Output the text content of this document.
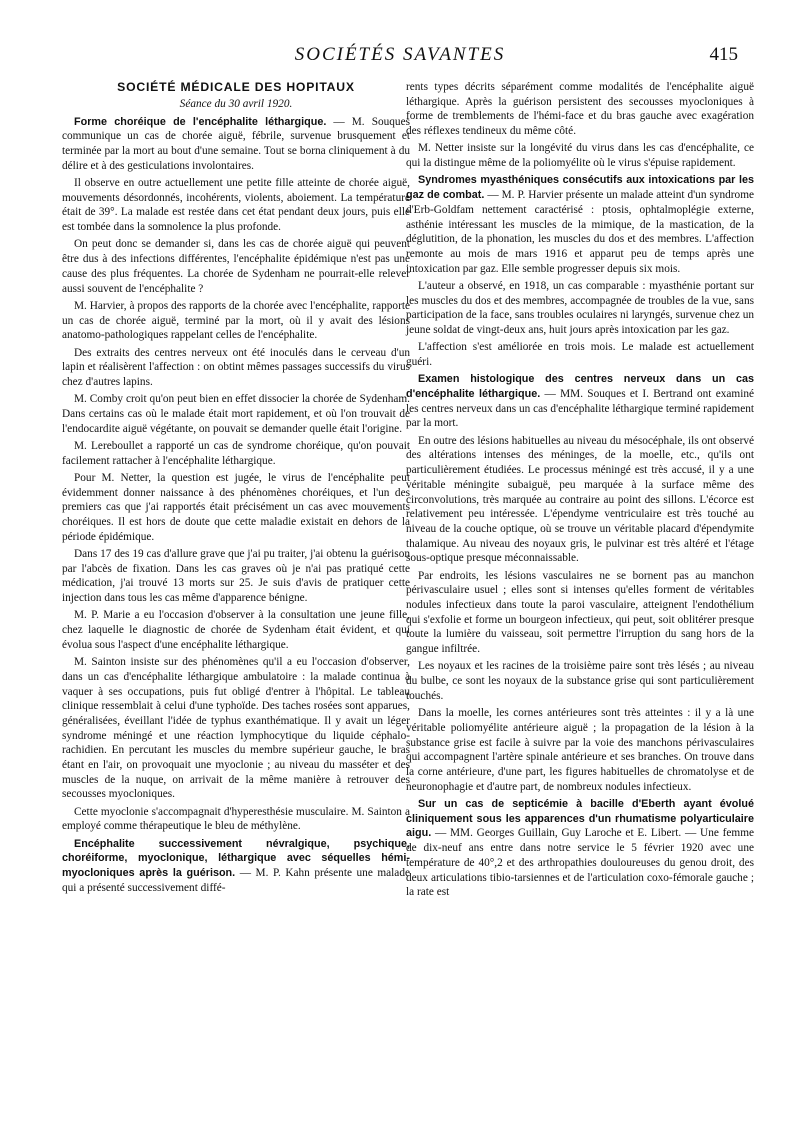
SOCIÉTÉS SAVANTES	415

SOCIÉTÉ MÉDICALE DES HOPITAUX

Séance du 30 avril 1920.

Forme choréique de l'encéphalite léthargique. — M. Souques communique un cas de chorée aiguë, fébrile, survenue brusquement et terminée par la mort au bout d'une semaine. Tout se borna cliniquement à du délire et à des gesticulations involontaires.

Il observe en outre actuellement une petite fille atteinte de chorée aiguë, mouvements désordonnés, incohérents, violents, aboiement. La température était de 39°. La malade est restée dans cet état pendant deux jours, puis elle est tombée dans la somnolence la plus profonde.

On peut donc se demander si, dans les cas de chorée aiguë qui peuvent être dus à des infections différentes, l'encéphalite épidémique n'est pas une cause des plus fréquentes. La chorée de Sydenham ne pourrait-elle relever aussi souvent de l'encéphalite ?

M. Harvier, à propos des rapports de la chorée avec l'encéphalite, rapporte un cas de chorée aiguë, terminé par la mort, où il y avait des lésions anatomo-pathologiques rappelant celles de l'encéphalite.

Des extraits des centres nerveux ont été inoculés dans le cerveau d'un lapin et réalisèrent l'affection : on obtint mêmes passages successifs du virus chez d'autres lapins.

M. Comby croit qu'on peut bien en effet dissocier la chorée de Sydenham. Dans certains cas où le malade était mort rapidement, et où l'on trouvait de l'endocardite aiguë végétante, on pouvait se demander quelle était l'origine.

M. Lereboullet a rapporté un cas de syndrome choréique, qu'on pouvait facilement rattacher à l'encéphalite léthargique.

Pour M. Netter, la question est jugée, le virus de l'encéphalite peut évidemment donner naissance à des phénomènes choréiques, et l'un des premiers cas que j'ai rapportés était précisément un cas avec mouvements choréiques. Il est hors de doute que cette maladie existait en dehors de la période épidémique.

Dans 17 des 19 cas d'allure grave que j'ai pu traiter, j'ai obtenu la guérison par l'abcès de fixation. Dans les cas graves où je n'ai pas pratiqué cette médication, j'ai trouvé 13 morts sur 25. Je suis d'avis de pratiquer cette injection dans tous les cas même d'apparence bénigne.

M. P. Marie a eu l'occasion d'observer à la consultation une jeune fille, chez laquelle le diagnostic de chorée de Sydenham était évident, et qui évolua sous l'aspect d'une encéphalite léthargique.

M. Sainton insiste sur des phénomènes qu'il a eu l'occasion d'observer, dans un cas d'encéphalite léthargique ambulatoire : la malade continua à vaquer à ses occupations, puis fut obligé d'entrer à l'hôpital. Le tableau clinique ressemblait à celui d'une typhoïde. Des taches rosées sont apparues, généralisées, éveillant l'idée de typhus exanthématique. Il y avait un léger syndrome méningé et une réaction lymphocytique du liquide céphalo-rachidien. En percutant les muscles du membre supérieur gauche, le bras étant en l'air, on provoquait une myoclonie ; au niveau du masséter et des muscles de la nuque, on arrivait de la même manière à retrouver des secousses myocloniques.

Cette myoclonie s'accompagnait d'hyperesthésie musculaire. M. Sainton a employé comme thérapeutique le bleu de méthylène.

Encéphalite successivement névralgique, psychique, choréiforme, myoclonique, léthargique avec séquelles hémi-myocloniques après la guérison. — M. P. Kahn présente une malade qui a présenté successivement diffé-

rents types décrits séparément comme modalités de l'encéphalite aiguë léthargique. Après la guérison persistent des secousses myocloniques à forme de tremblements de l'hémi-face et du bras gauche avec exagération des réflexes tendineux du même côté.

M. Netter insiste sur la longévité du virus dans les cas d'encéphalite, ce qui la distingue même de la poliomyélite où le virus s'épuise rapidement.

Syndromes myasthéniques consécutifs aux intoxications par les gaz de combat. — M. P. Harvier présente un malade atteint d'un syndrome d'Erb-Goldfam nettement caractérisé : ptosis, ophtalmoplégie externe, asthénie intéressant les muscles de la mimique, de la mastication, de la déglutition, de la phonation, les muscles du dos et des membres. L'affection remonte au mois de mars 1916 et apparut peu de temps après une intoxication par gaz. Elle semble progresser depuis six mois.

L'auteur a observé, en 1918, un cas comparable : myasthénie portant sur les muscles du dos et des membres, accompagnée de troubles de la vue, sans participation de la face, sans troubles oculaires ni laryngés, survenue chez un jeune soldat de vingt-deux ans, huit jours après intoxication par les gaz.

L'affection s'est améliorée en trois mois. Le malade est actuellement guéri.

Examen histologique des centres nerveux dans un cas d'encéphalite léthargique. — MM. Souques et I. Bertrand ont examiné les centres nerveux dans un cas d'encéphalite léthargique terminé rapidement par la mort.

En outre des lésions habituelles au niveau du mésocéphale, ils ont observé des altérations intenses des méninges, de la moelle, etc., qu'ils ont particulièrement étudiées. Le processus méningé est très accusé, il y a une véritable méningite subaiguë, peu marquée à la surface même des circonvolutions, très marquée au contraire au point des sillons. L'écorce est relativement peu intéressée. L'épendyme ventriculaire est très touché au niveau de la couche optique, où se trouve un véritable placard d'épendymite thalamique. Au niveau des noyaux gris, le pulvinar est très altéré et l'étage sous-optique presque méconnaissable.

Par endroits, les lésions vasculaires ne se bornent pas au manchon périvasculaire usuel ; elles sont si intenses qu'elles forment de véritables nodules infectieux dans toute la paroi vasculaire, atteignent l'endothélium qui s'exfolie et forme un bourgeon infectieux, qui peut, soit oblitérer presque toute la lumière du vaisseau, soit permettre l'irruption du sang hors de la gangue infiltrée.

Les noyaux et les racines de la troisième paire sont très lésés ; au niveau du bulbe, ce sont les noyaux de la substance grise qui sont particulièrement touchés.

Dans la moelle, les cornes antérieures sont très atteintes : il y a là une véritable poliomyélite antérieure aiguë ; la propagation de la lésion à la substance grise est facile à suivre par la voie des manchons périvasculaires qui accompagnent l'artère spinale antérieure et ses branches. On trouve dans la corne antérieure, d'une part, les figures habituelles de chromatolyse et de neuronophagie et d'autre part, de nombreux nodules infectieux.

Sur un cas de septicémie à bacille d'Eberth ayant évolué cliniquement sous les apparences d'un rhumatisme polyarticulaire aigu. — MM. Georges Guillain, Guy Laroche et E. Libert. — Une femme de dix-neuf ans entre dans notre service le 5 février 1920 avec une température de 40°,2 et des arthropathies douloureuses du genou droit, des deux articulations tibio-tarsiennes et de l'articulation coxo-fémorale gauche ; la rate est
